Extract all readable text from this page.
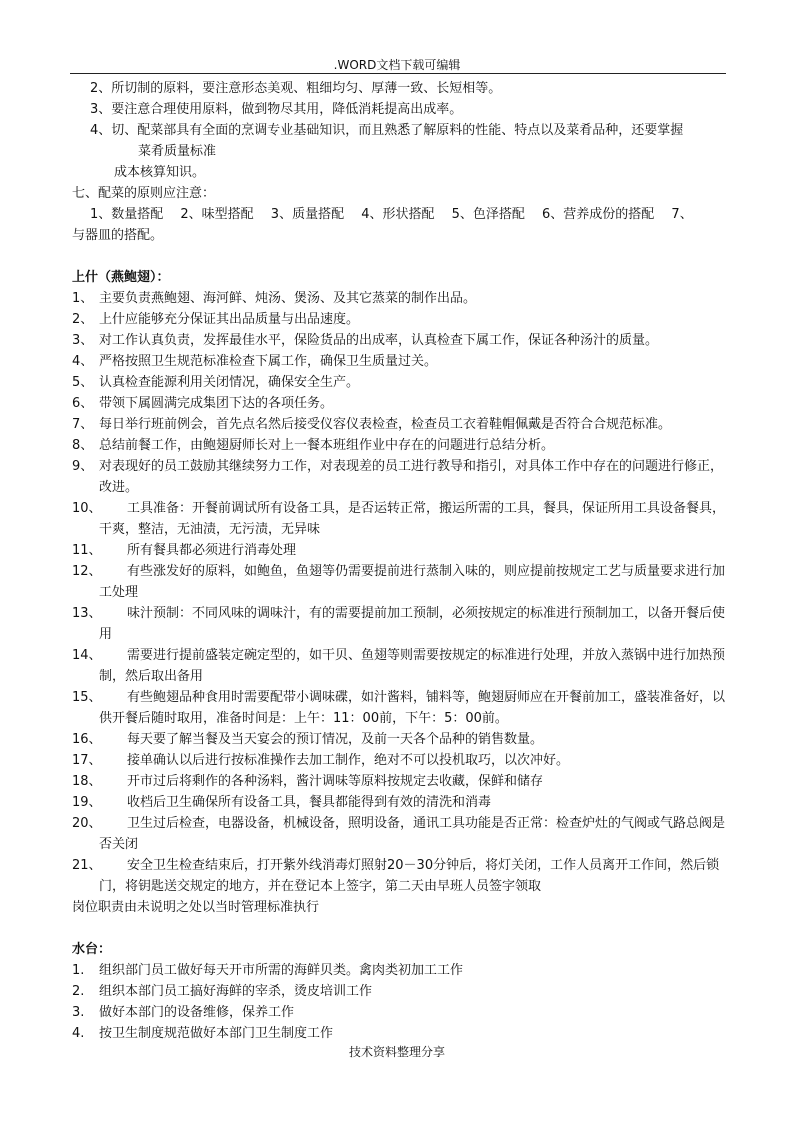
.WORD文档下载可编辑
2、所切制的原料，要注意形态美观、粗细均匀、厚薄一致、长短相等。
3、要注意合理使用原料，做到物尽其用，降低消耗提高出成率。
4、切、配菜部具有全面的烹调专业基础知识，而且熟悉了解原料的性能、特点以及菜肴品种，还要掌握
菜肴质量标准
成本核算知识。
七、配菜的原则应注意：
1、数量搭配　 2、味型搭配　 3、质量搭配　 4、形状搭配　 5、色泽搭配　 6、营养成份的搭配　 7、
与器皿的搭配。
上什（燕鲍翅）：
1、 主要负责燕鲍翅、海河鲜、炖汤、煲汤、及其它蒸菜的制作出品。
2、 上什应能够充分保证其出品质量与出品速度。
3、 对工作认真负责，发挥最佳水平，保险货品的出成率，认真检查下属工作，保证各种汤汁的质量。
4、 严格按照卫生规范标准检查下属工作，确保卫生质量过关。
5、 认真检查能源利用关闭情况，确保安全生产。
6、 带领下属圆满完成集团下达的各项任务。
7、 每日举行班前例会，首先点名然后接受仪容仪表检查，检查员工衣着鞋帽佩戴是否符合合规范标准。
8、 总结前餐工作，由鲍翅厨师长对上一餐本班组作业中存在的问题进行总结分析。
9、 对表现好的员工鼓励其继续努力工作，对表现差的员工进行教导和指引，对具体工作中存在的问题进行修正，改进。
10、	工具准备：开餐前调试所有设备工具，是否运转正常，搬运所需的工具，餐具，保证所用工具设备餐具，干爽，整洁，无油渍，无污渍，无异味
11、	所有餐具都必须进行消毒处理
12、	有些涨发好的原料，如鲍鱼，鱼翅等仍需要提前进行蒸制入味的，则应提前按规定工艺与质量要求进行加工处理
13、	味汁预制：不同风味的调味汁，有的需要提前加工预制，必须按规定的标准进行预制加工，以备开餐后使用
14、	需要进行提前盛装定碗定型的，如干贝、鱼翅等则需要按规定的标准进行处理，并放入蒸锅中进行加热预制，然后取出备用
15、	有些鲍翅品种食用时需要配带小调味碟，如汁酱料，铺料等，鲍翅厨师应在开餐前加工，盛装准备好，以供开餐后随时取用，准备时间是：上午：11：00前，下午：5：00前。
16、	每天要了解当餐及当天宴会的预订情况，及前一天各个品种的销售数量。
17、	接单确认以后进行按标准操作去加工制作，绝对不可以投机取巧，以次冲好。
18、	开市过后将剩作的各种汤料，酱汁调味等原料按规定去收藏，保鲜和储存
19、	收档后卫生确保所有设备工具，餐具都能得到有效的清洗和消毒
20、	卫生过后检查，电器设备，机械设备，照明设备，通讯工具功能是否正常：检查炉灶的气阀或气路总阀是否关闭
21、	安全卫生检查结束后，打开紫外线消毒灯照射20－30分钟后，将灯关闭，工作人员离开工作间，然后锁门，将钥匙送交规定的地方，并在登记本上签字，第二天由早班人员签字领取
岗位职责由未说明之处以当时管理标准执行
水台：
1.	组织部门员工做好每天开市所需的海鲜贝类。禽肉类初加工工作
2.	组织本部门员工搞好海鲜的宰杀，烫皮培训工作
3.	做好本部门的设备维修，保养工作
4.	按卫生制度规范做好本部门卫生制度工作
技术资料整理分享
